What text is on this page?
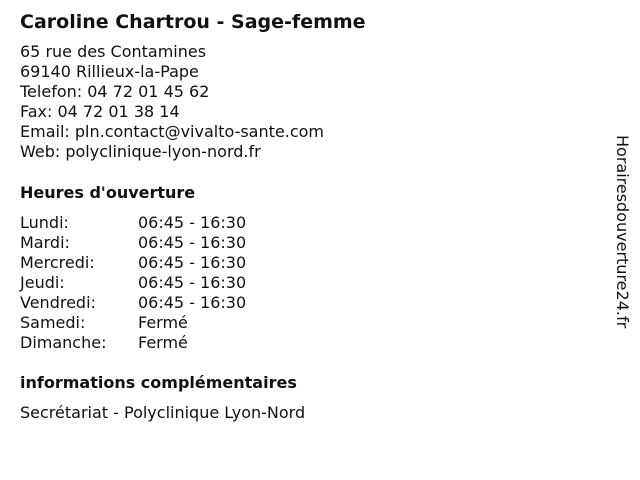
Caroline Chartrou - Sage-femme
65 rue des Contamines
69140 Rillieux-la-Pape
Telefon: 04 72 01 45 62
Fax: 04 72 01 38 14
Email: pln.contact@vivalto-sante.com
Web: polyclinique-lyon-nord.fr
Heures d'ouverture
Lundi:	06:45 - 16:30
Mardi:	06:45 - 16:30
Mercredi:	06:45 - 16:30
Jeudi:	06:45 - 16:30
Vendredi:	06:45 - 16:30
Samedi:	Fermé
Dimanche:	Fermé
informations complémentaires
Secrétariat - Polyclinique Lyon-Nord
Horairesdouverture24.fr
